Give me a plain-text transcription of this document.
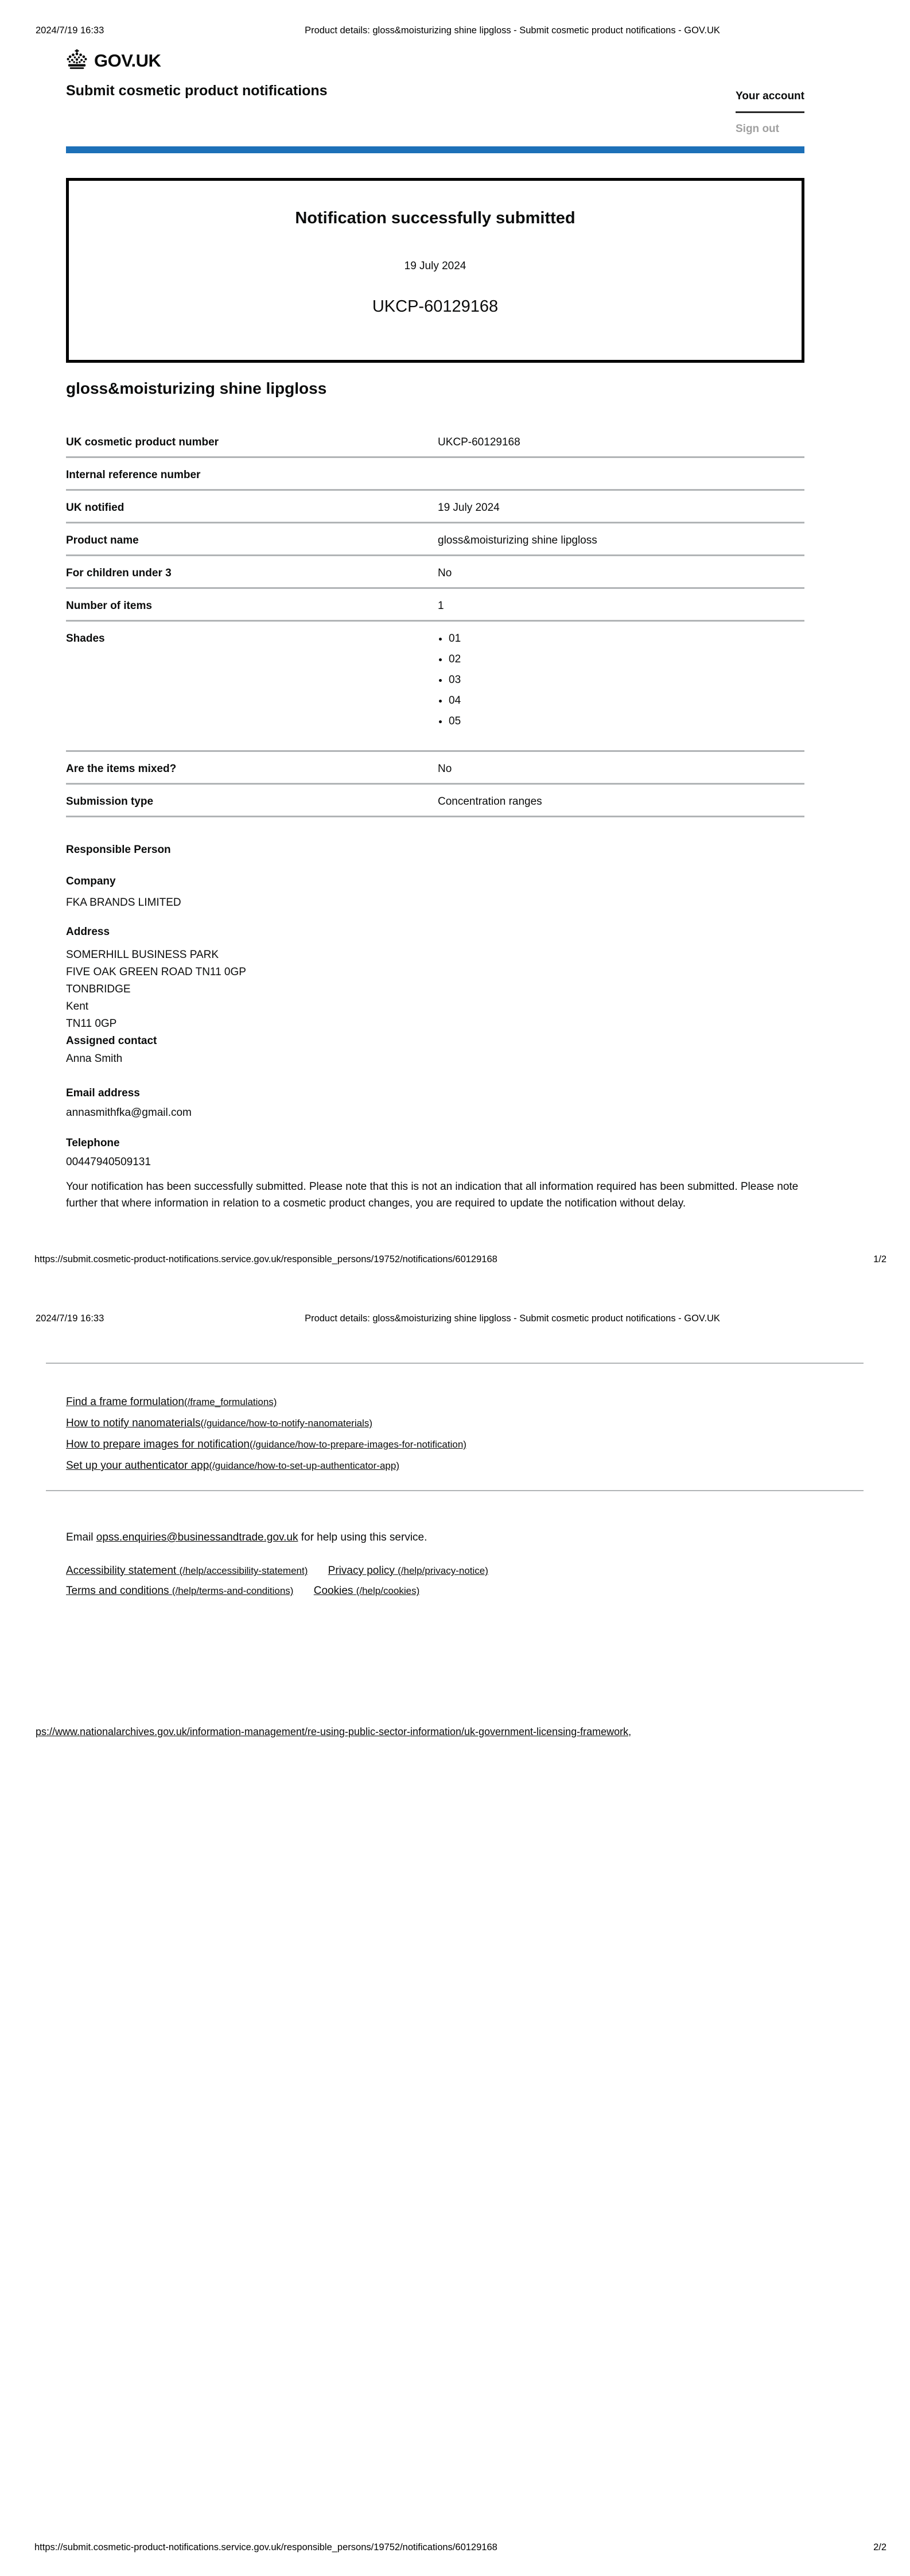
2024/7/19 16:33	Product details: gloss&moisturizing shine lipgloss - Submit cosmetic product notifications - GOV.UK
GOV.UK
Submit cosmetic product notifications	Your account
Sign out
Notification successfully submitted
19 July 2024
UKCP-60129168
gloss&moisturizing shine lipgloss
UK cosmetic product number	UKCP-60129168
Internal reference number
UK notified	19 July 2024
Product name	gloss&moisturizing shine lipgloss
For children under 3	No
Number of items	1
Shades	• 01
• 02
• 03
• 04
• 05
Are the items mixed?	No
Submission type	Concentration ranges
Responsible Person
Company
FKA BRANDS LIMITED
Address
SOMERHILL BUSINESS PARK
FIVE OAK GREEN ROAD TN11 0GP
TONBRIDGE
Kent
TN11 0GP
Assigned contact
Anna Smith
Email address
annasmithfka@gmail.com
Telephone
00447940509131

Your notification has been successfully submitted. Please note that this is not an indication that all information required has been submitted. Please note further that where information in relation to a cosmetic product changes, you are required to update the notification without delay.

https://submit.cosmetic-product-notifications.service.gov.uk/responsible_persons/19752/notifications/60129168	1/2
2024/7/19 16:33	Product details: gloss&moisturizing shine lipgloss - Submit cosmetic product notifications - GOV.UK
Find a frame formulation(/frame_formulations)
How to notify nanomaterials(/guidance/how-to-notify-nanomaterials)
How to prepare images for notification(/guidance/how-to-prepare-images-for-notification)
Set up your authenticator app(/guidance/how-to-set-up-authenticator-app)
Email opss.enquiries@businessandtrade.gov.uk for help using this service.
Accessibility statement (/help/accessibility-statement) Privacy policy (/help/privacy-notice)
Terms and conditions (/help/terms-and-conditions) Cookies (/help/cookies)
ps://www.nationalarchives.gov.uk/information-management/re-using-public-sector-information/uk-government-licensing-framework,
https://submit.cosmetic-product-notifications.service.gov.uk/responsible_persons/19752/notifications/60129168	2/2
